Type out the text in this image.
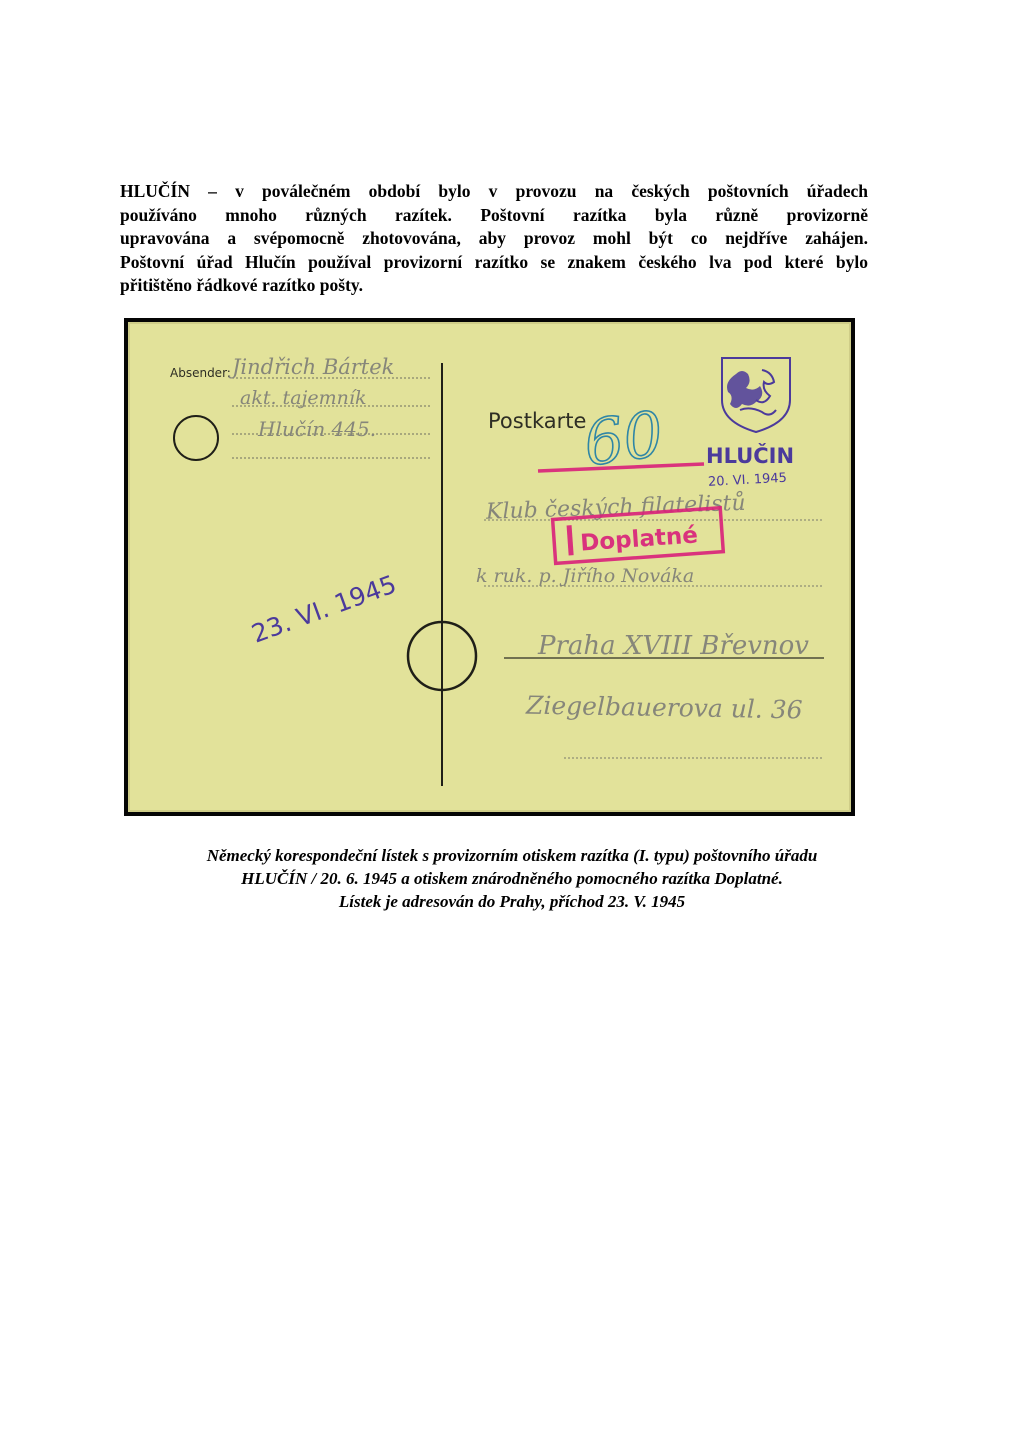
HLUČÍN – v poválečném období bylo v provozu na českých poštovních úřadech
používáno mnoho různých razítek. Poštovní razítka byla různě provizorně
upravována a svépomocně zhotovována, aby provoz mohl být co nejdříve zahájen.
Poštovní úřad Hlučín používal provizorní razítko se znakem českého lva pod které bylo
přitištěno řádkové razítko pošty.
Absender: Jindřich Bártek
akt. tajemník
Hlučín 445.	Postkarte
60 HLUČIN
20. VI. 1945
Klub českých filatelistů
k ruk. p. Jiřího Nováka
Praha XVIII Břevnov
Ziegelbauerova ul. 36
Doplatné
23. VI. 1945
Německý korespondeční lístek s provizorním otiskem razítka (I. typu) poštovního úřadu
HLUČÍN / 20. 6. 1945 a otiskem znárodněného pomocného razítka Doplatné.
Lístek je adresován do Prahy, příchod 23. V. 1945
